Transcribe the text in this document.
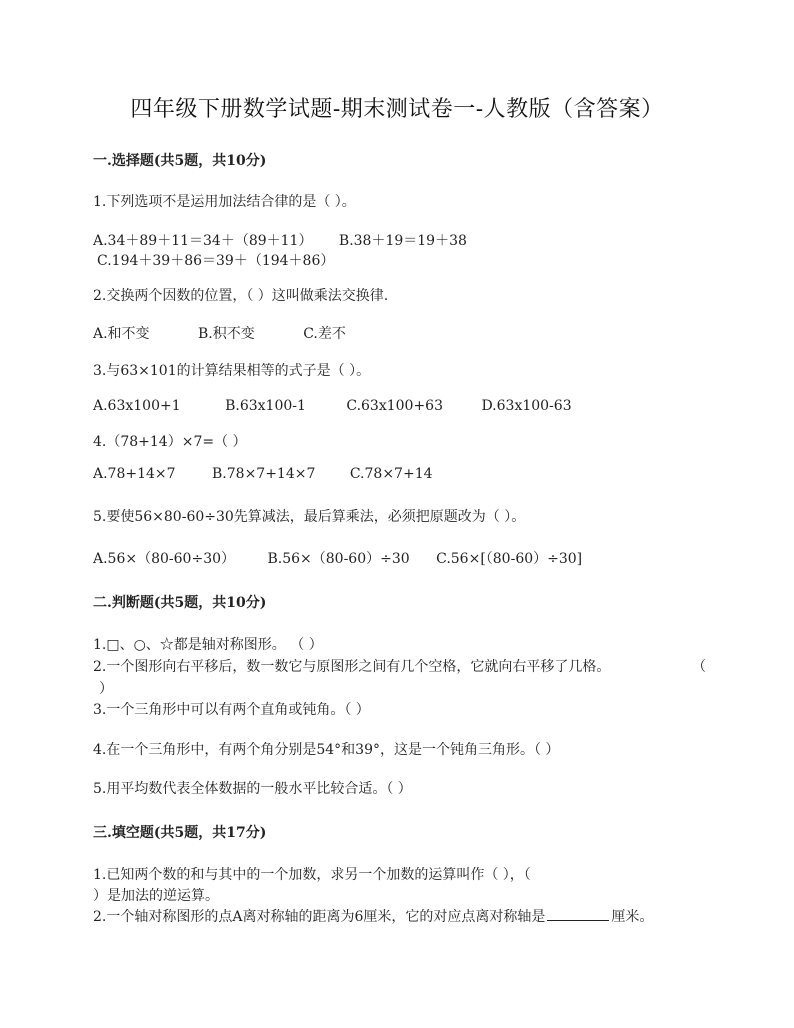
四年级下册数学试题-期末测试卷一-人教版（含答案）
一.选择题(共5题，共10分)
1.下列选项不是运用加法结合律的是（ ）。
A.34＋89＋11＝34＋（89＋11） B.38＋19＝19＋38
C.194＋39＋86＝39＋（194＋86）
2.交换两个因数的位置，（ ）这叫做乘法交换律.
A.和不变	B.积不变	C.差不
3.与63×101的计算结果相等的式子是（ ）。
A.63x100+1	B.63x100-1	C.63x100+63	D.63x100-63
4.（78+14）×7=（ ）
A.78+14×7	B.78×7+14×7 C.78×7+14
5.要使56×80-60÷30先算减法，最后算乘法，必须把原题改为（ ）。
A.56×（80-60÷30） B.56×（80-60）÷30 C.56×[（80-60）÷30]
二.判断题(共5题，共10分)
1.□、○、☆都是轴对称图形。 （ ）
2.一个图形向右平移后，数一数它与原图形之间有几个空格，它就向右平移了几格。	（
）
3.一个三角形中可以有两个直角或钝角。（ ）
4.在一个三角形中，有两个角分别是54°和39°，这是一个钝角三角形。（ ）
5.用平均数代表全体数据的一般水平比较合适。（ ）
三.填空题(共5题，共17分)
1.已知两个数的和与其中的一个加数，求另一个加数的运算叫作（ ），（
）是加法的逆运算。
2.一个轴对称图形的点A离对称轴的距离为6厘米，它的对应点离对称轴是	厘米。
